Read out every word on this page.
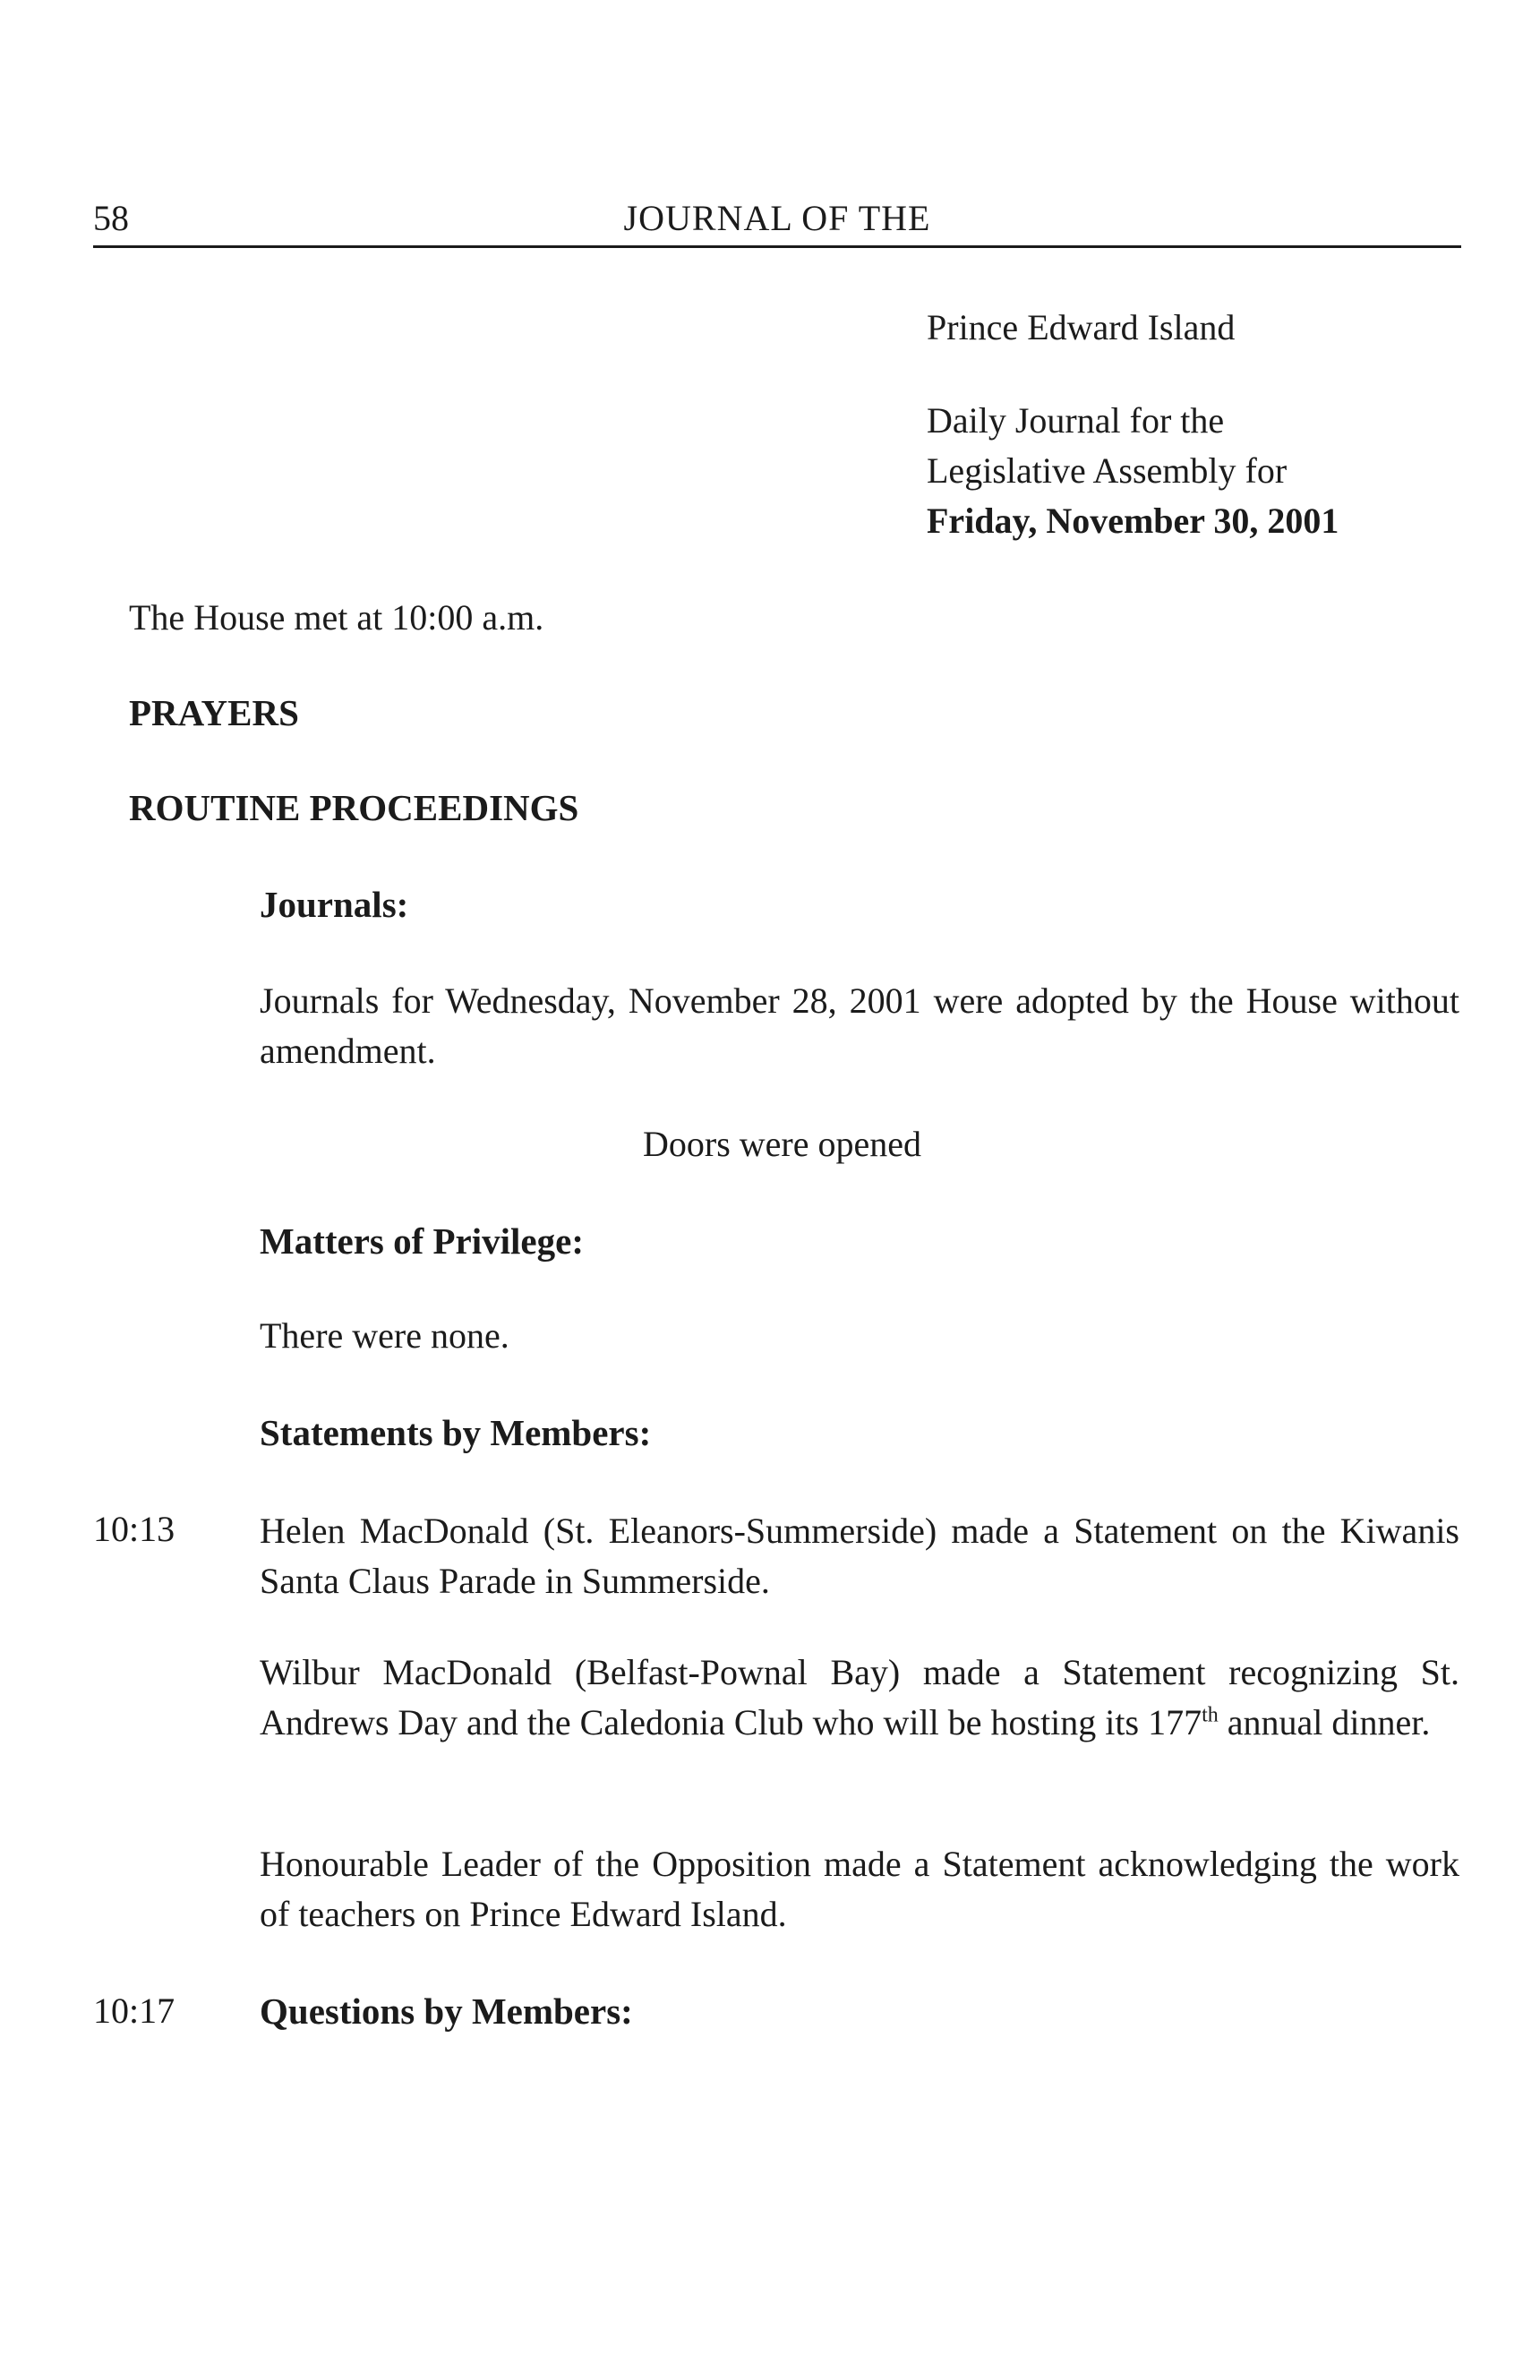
58	JOURNAL OF THE

Prince Edward Island

Daily Journal for the

Legislative Assembly for

Friday, November 30, 2001

The House met at 10:00 a.m.

PRAYERS

ROUTINE PROCEEDINGS

Journals:

Journals for Wednesday, November 28, 2001 were adopted by the House without amendment.

Doors were opened

Matters of Privilege:

There were none.

Statements by Members:

10:13 Helen MacDonald (St. Eleanors-Summerside) made a Statement on the Kiwanis Santa Claus Parade in Summerside.

Wilbur MacDonald (Belfast-Pownal Bay) made a Statement recognizing St. Andrews Day and the Caledonia Club who will be hosting its 177th annual dinner.

Honourable Leader of the Opposition made a Statement acknowledging the work of teachers on Prince Edward Island.

10:17 Questions by Members:
